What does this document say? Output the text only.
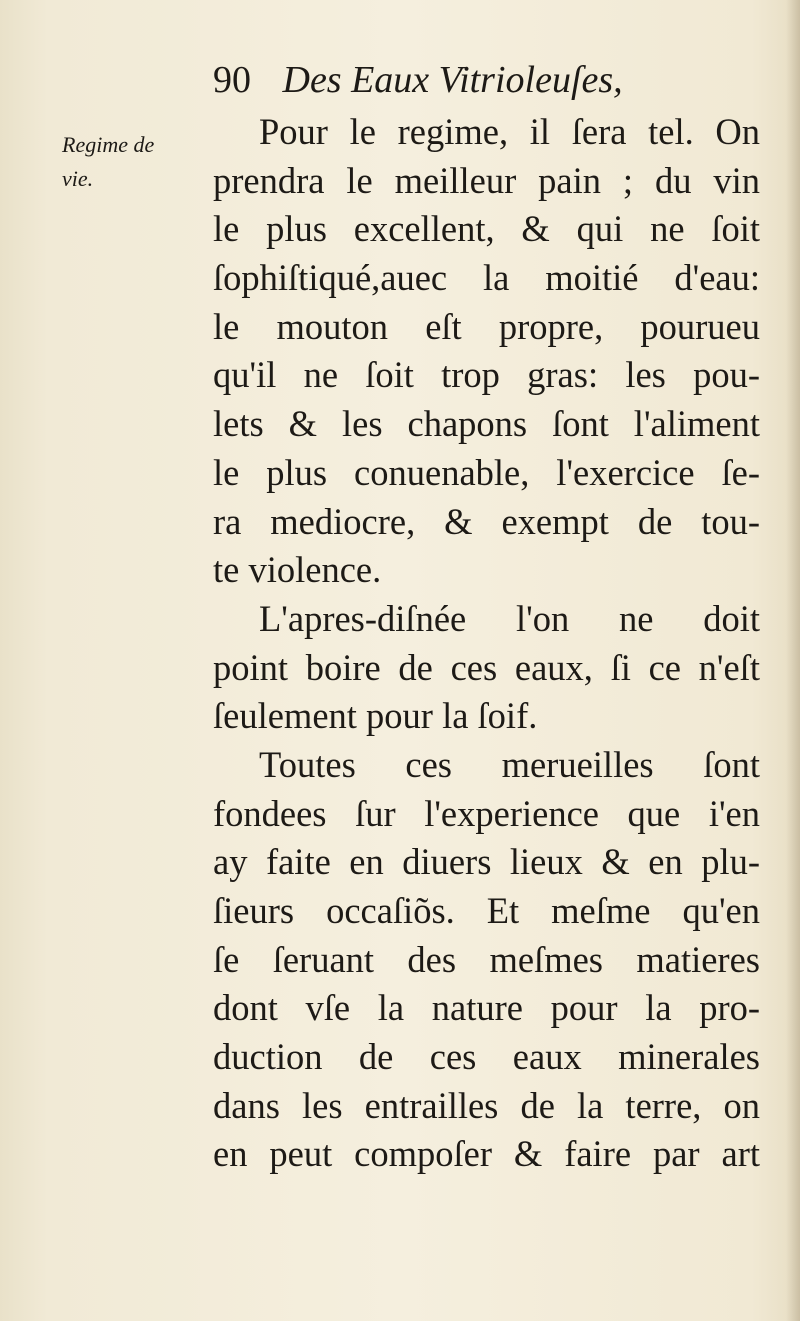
90 Des Eaux Vitrioleuſes,
Regime de
vie.
Pour le regime, il ſera tel. On
prendra le meilleur pain ; du vin
le plus excellent, & qui ne ſoit
ſophiſtiqué,auec la moitié d'eau:
le mouton eſt propre, pourueu
qu'il ne ſoit trop gras: les pou-
lets & les chapons ſont l'aliment
le plus conuenable, l'exercice ſe-
ra mediocre, & exempt de tou-
te violence.
L'apres-diſnée l'on ne doit
point boire de ces eaux, ſi ce n'eſt
ſeulement pour la ſoif.
Toutes ces merueilles ſont
fondees ſur l'experience que i'en
ay faite en diuers lieux & en plu-
ſieurs occaſiõs. Et meſme qu'en
ſe ſeruant des meſmes matieres
dont vſe la nature pour la pro-
duction de ces eaux minerales
dans les entrailles de la terre, on
en peut compoſer & faire par art
